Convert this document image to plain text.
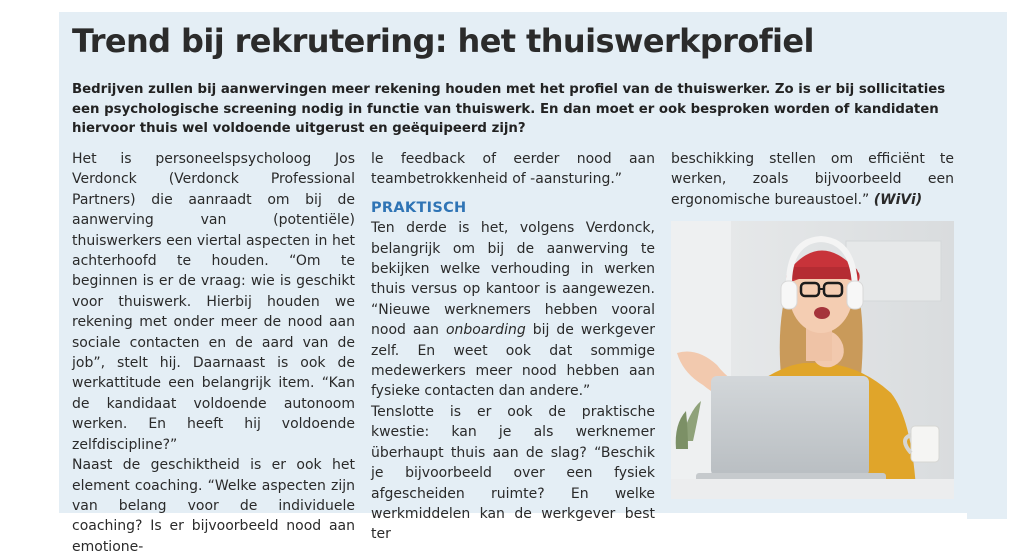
Trend bij rekrutering: het thuiswerkprofiel

Bedrijven zullen bij aanwervingen meer rekening houden met het profiel van de thuiswerker. Zo is er bij sollicitaties een psychologische screening nodig in functie van thuiswerk. En dan moet er ook besproken worden of kandidaten hiervoor thuis wel voldoende uitgerust en geëquipeerd zijn?

Het is personeelspsycholoog Jos Verdonck (Verdonck Professional Partners) die aanraadt om bij de aanwerving van (potentiële) thuiswerkers een viertal aspecten in het achterhoofd te houden. “Om te beginnen is er de vraag: wie is geschikt voor thuiswerk. Hierbij houden we rekening met onder meer de nood aan sociale contacten en de aard van de job”, stelt hij. Daarnaast is ook de werkattitude een belangrijk item. “Kan de kandidaat voldoende autonoom werken. En heeft hij voldoende zelfdiscipline?”

Naast de geschiktheid is er ook het element coaching. “Welke aspecten zijn van belang voor de individuele coaching? Is er bijvoorbeeld nood aan emotione-

le feedback of eerder nood aan teambetrokkenheid of -aansturing.”

PRAKTISCH

Ten derde is het, volgens Verdonck, belangrijk om bij de aanwerving te bekijken welke verhouding in werken thuis versus op kantoor is aangewezen. “Nieuwe werknemers hebben vooral nood aan onboarding bij de werkgever zelf. En weet ook dat sommige medewerkers meer nood hebben aan fysieke contacten dan andere.”

Tenslotte is er ook de praktische kwestie: kan je als werknemer überhaupt thuis aan de slag? “Beschik je bijvoorbeeld over een fysiek afgescheiden ruimte? En welke werkmiddelen kan de werkgever best ter

beschikking stellen om efficiënt te werken, zoals bijvoorbeeld een ergonomische bureaustoel.” (WiVi)
